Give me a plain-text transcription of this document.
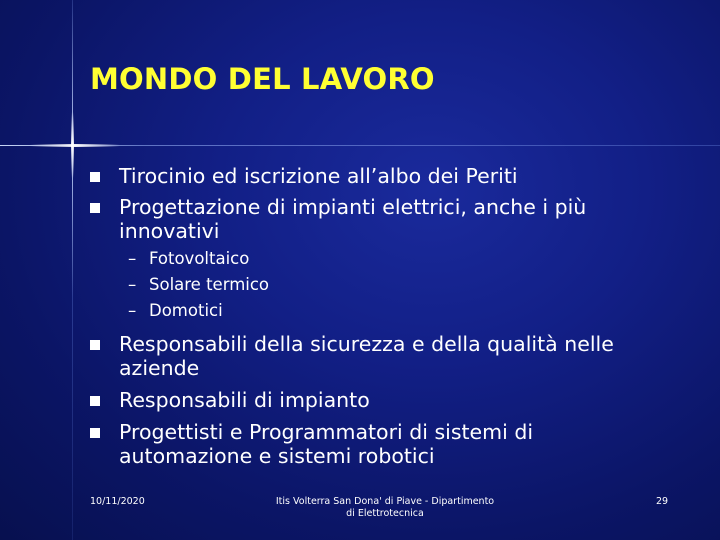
MONDO DEL LAVORO
Tirocinio ed iscrizione all’albo dei Periti
Progettazione di impianti elettrici, anche i più innovativi
– Fotovoltaico
– Solare termico
– Domotici
Responsabili della sicurezza e della qualità nelle aziende
Responsabili di impianto
Progettisti e Programmatori di sistemi di automazione e sistemi robotici
10/11/2020	Itis Volterra San Dona' di Piave - Dipartimento
di Elettrotecnica
29
